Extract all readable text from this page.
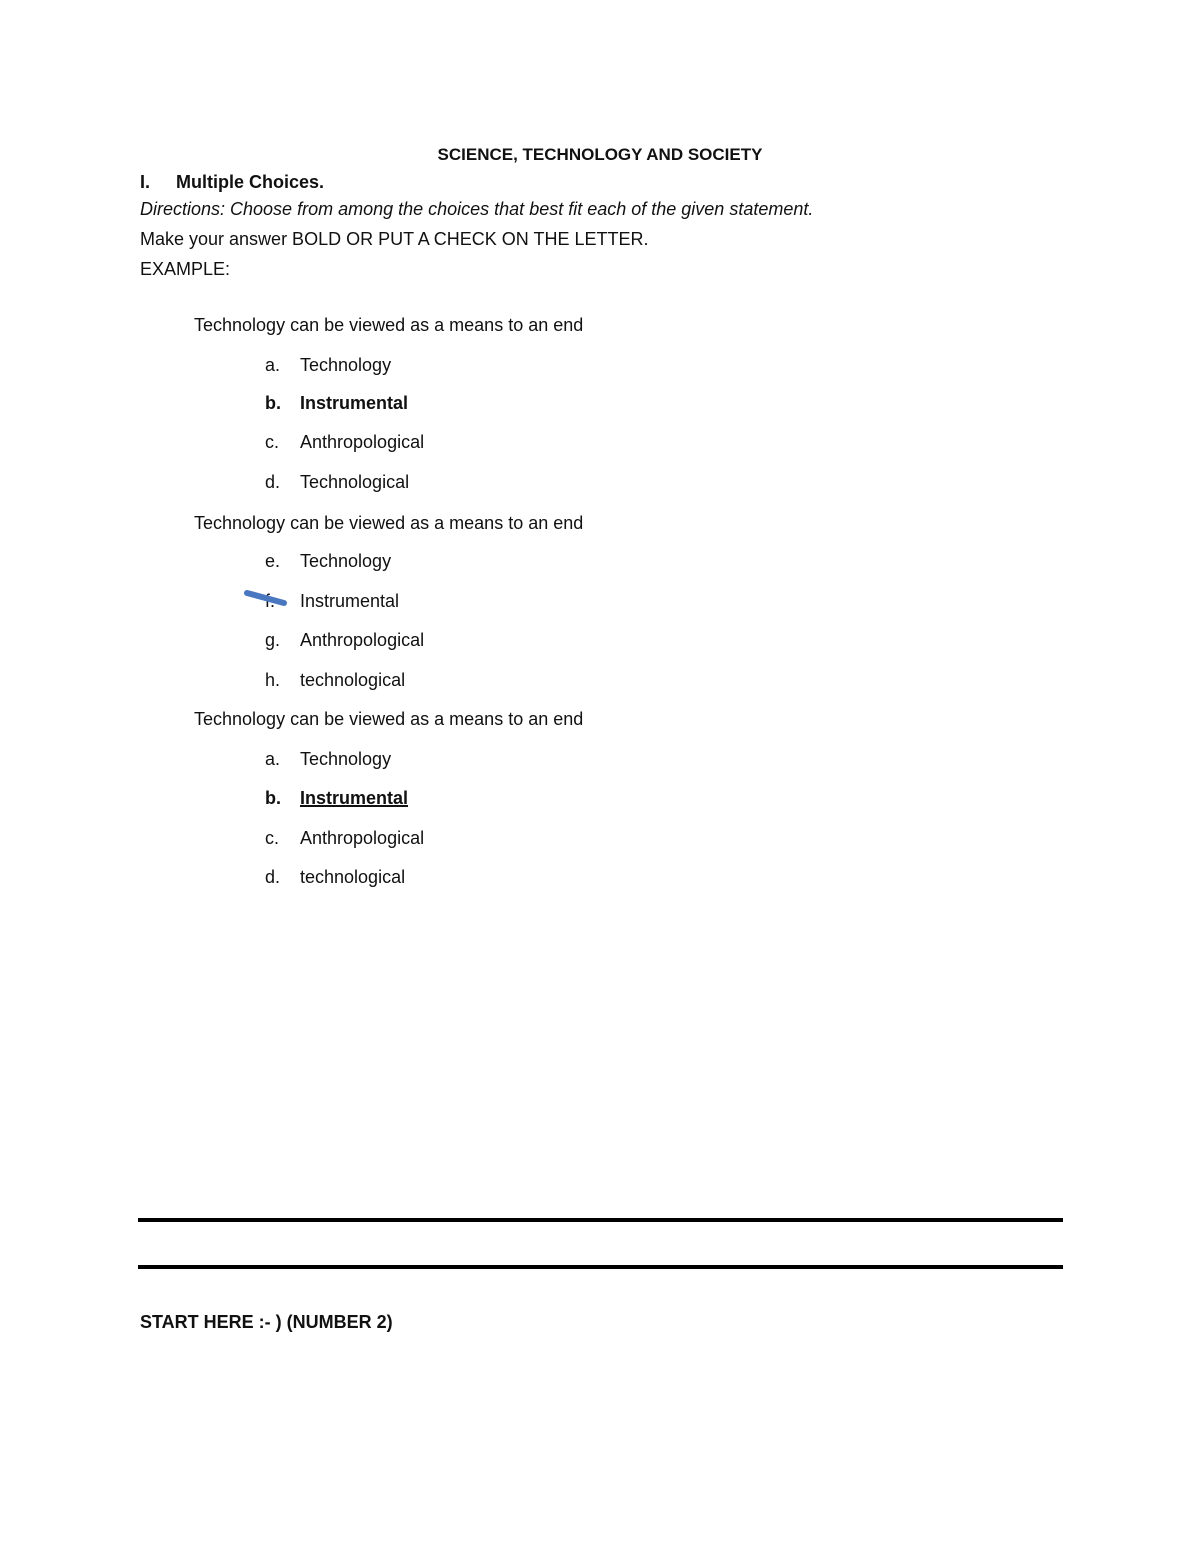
SCIENCE, TECHNOLOGY AND SOCIETY
I. Multiple Choices.
Directions: Choose from among the choices that best fit each of the given statement.
Make your answer BOLD OR PUT A CHECK ON THE LETTER.
EXAMPLE:
Technology can be viewed as a means to an end
a. Technology
b. Instrumental
c. Anthropological
d. Technological
Technology can be viewed as a means to an end
e. Technology
f. Instrumental
g. Anthropological
h. technological
Technology can be viewed as a means to an end
a. Technology
b. Instrumental
c. Anthropological
d. technological
START HERE :- ) (NUMBER 2)
